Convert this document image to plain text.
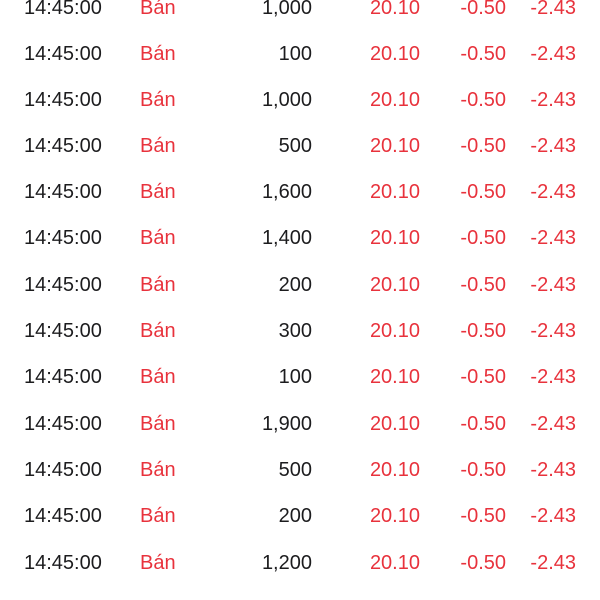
14:45:00 Bán	1,000	20.10 -0.50 -2.43
14:45:00 Bán	100	20.10 -0.50 -2.43
14:45:00 Bán	1,000	20.10 -0.50 -2.43
14:45:00 Bán	500	20.10 -0.50 -2.43
14:45:00 Bán	1,600	20.10 -0.50 -2.43
14:45:00 Bán	1,400	20.10 -0.50 -2.43
14:45:00 Bán	200	20.10 -0.50 -2.43
14:45:00 Bán	300	20.10 -0.50 -2.43
14:45:00 Bán	100	20.10 -0.50 -2.43
14:45:00 Bán	1,900	20.10 -0.50 -2.43
14:45:00 Bán	500	20.10 -0.50 -2.43
14:45:00 Bán	200	20.10 -0.50 -2.43
14:45:00 Bán	1,200	20.10 -0.50 -2.43
